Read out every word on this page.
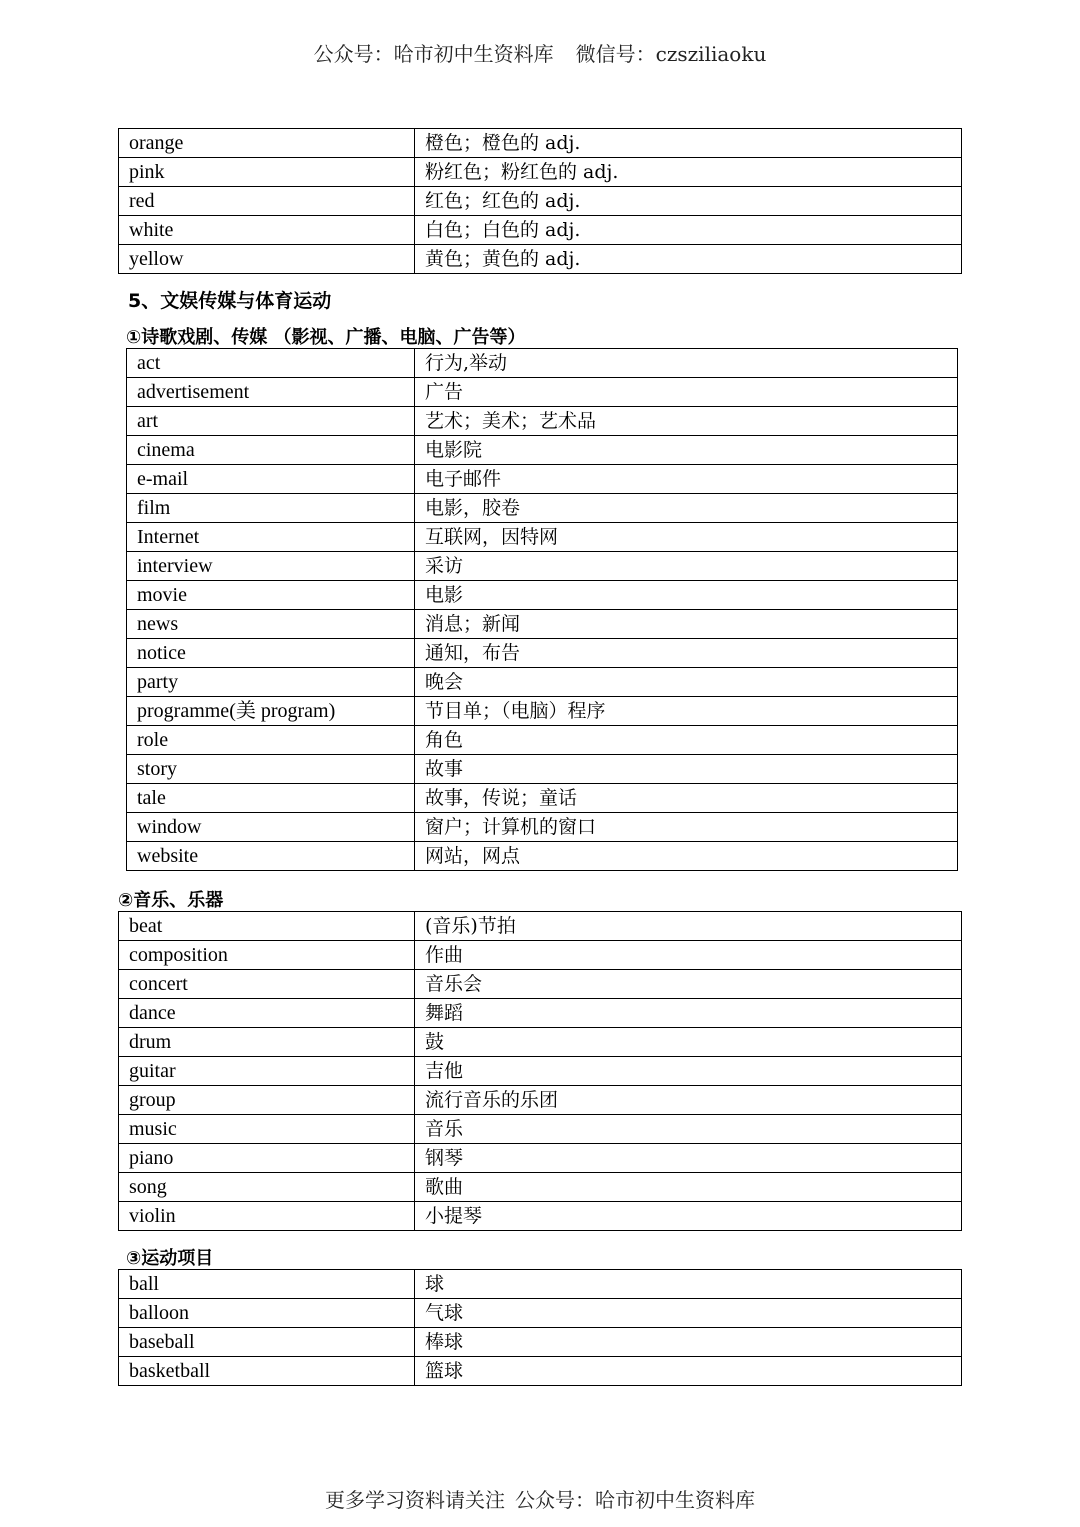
公众号：哈市初中生资料库 微信号：czsziliaoku
orange	橙色；橙色的 adj.
pink	粉红色；粉红色的 adj.
red	红色；红色的 adj.
white	白色；白色的 adj.
yellow	黄色；黄色的 adj.
5、文娱传媒与体育运动
①诗歌戏剧、传媒 （影视、广播、电脑、广告等）
act	行为,举动
advertisement	广告
art	艺术；美术；艺术品
cinema	电影院
e-mail	电子邮件
film	电影，胶卷
Internet	互联网，因特网
interview	采访
movie	电影
news	消息；新闻
notice	通知，布告
party	晚会
programme(美 program)	节目单；（电脑）程序
role	角色
story	故事
tale	故事，传说；童话
window	窗户；计算机的窗口
website	网站，网点
②音乐、乐器
beat	(音乐)节拍
composition	作曲
concert	音乐会
dance	舞蹈
drum	鼓
guitar	吉他
group	流行音乐的乐团
music	音乐
piano	钢琴
song	歌曲
violin	小提琴
③运动项目
ball	球
balloon	气球
baseball	棒球
basketball	篮球
更多学习资料请关注 公众号：哈市初中生资料库
